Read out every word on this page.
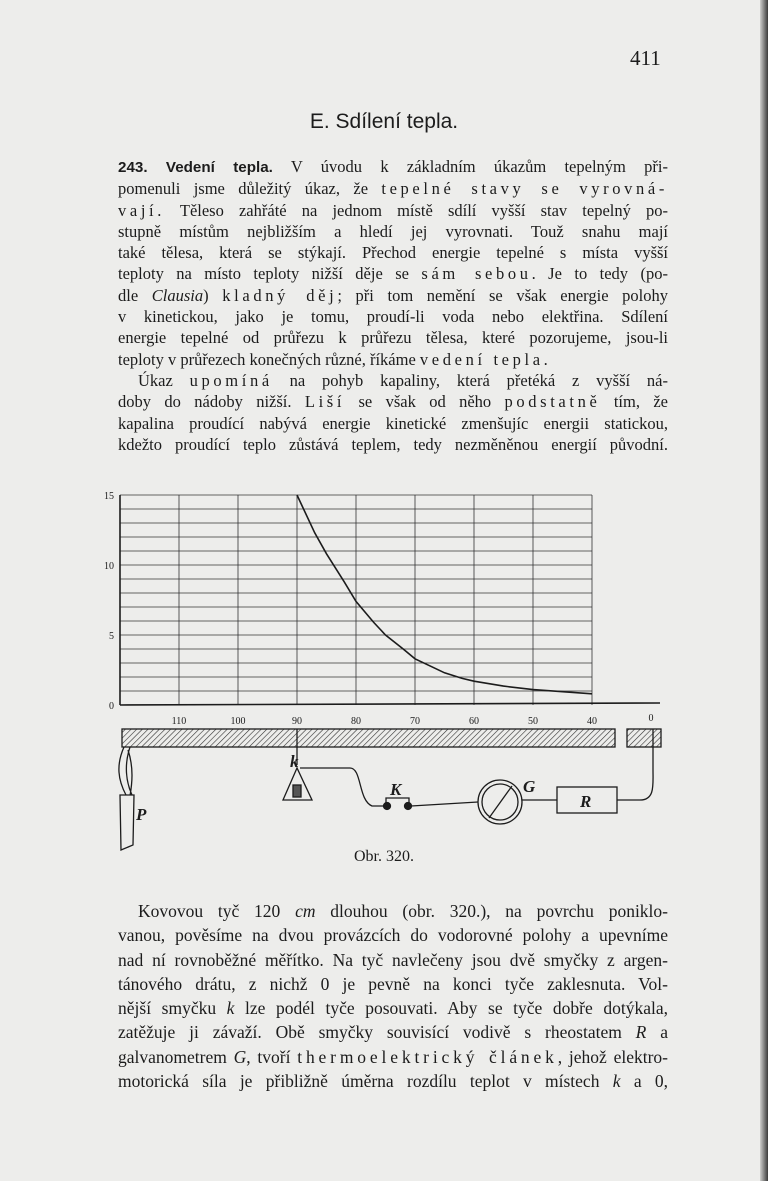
411
E. Sdílení tepla.
243. Vedení tepla. V úvodu k základním úkazům tepelným při-
pomenuli jsme důležitý úkaz, že tepelné stavy se vyrovná-
vají. Těleso zahřáté na jednom místě sdílí vyšší stav tepelný po-
stupně místům nejbližším a hledí jej vyrovnati. Touž snahu mají
také tělesa, která se stýkají. Přechod energie tepelné s místa vyšší
teploty na místo teploty nižší děje se sám sebou. Je to tedy (po-
dle Clausia) kladný děj; při tom nemění se však energie polohy
v kinetickou, jako je tomu, proudí-li voda nebo elektřina. Sdílení
energie tepelné od průřezu k průřezu tělesa, které pozorujeme, jsou-li
teploty v průřezech konečných různé, říkáme vedení tepla.
Úkaz upomíná na pohyb kapaliny, která přetéká z vyšší ná-
doby do nádoby nižší. Liší se však od něho podstatně tím, že
kapalina proudící nabývá energie kinetické zmenšujíc energii statickou,
kdežto proudící teplo zůstává teplem, tedy nezměněnou energií původní.
Kovovou tyč 120 cm dlouhou (obr. 320.), na povrchu poniklo-
vanou, pověsíme na dvou provázcích do vodorovné polohy a upevníme
nad ní rovnoběžné měřítko. Na tyč navlečeny jsou dvě smyčky z argen-
tánového drátu, z nichž 0 je pevně na konci tyče zaklesnuta. Vol-
nější smyčku k lze podél tyče posouvati. Aby se tyče dobře dotýkala,
zatěžuje ji závaží. Obě smyčky souvisící vodivě s rheostatem R a
galvanometrem G, tvoří thermoelektrický článek, jehož elektro-
motorická síla je přibližně úměrna rozdílu teplot v místech k a 0,
0
5
10
15
110	100	90	80	70	60	50	40	0
k
K	G
R
P
Obr. 320.
